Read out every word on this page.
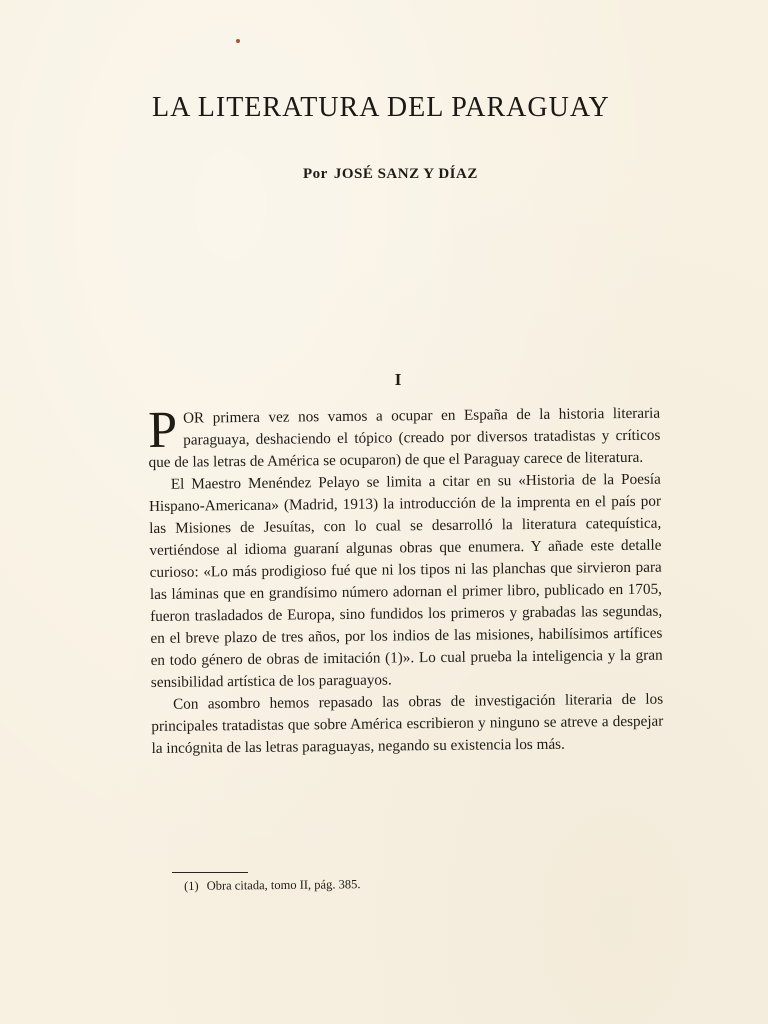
LA LITERATURA DEL PARAGUAY
Por JOSÉ SANZ Y DÍAZ
I

POR primera vez nos vamos a ocupar en España de la historia literaria paraguaya, deshaciendo el tópico (creado por diversos tratadistas y críticos que de las letras de América se ocuparon) de que el Paraguay carece de literatura.

El Maestro Menéndez Pelayo se limita a citar en su «Historia de la Poesía Hispano-Americana» (Madrid, 1913) la introducción de la imprenta en el país por las Misiones de Jesuítas, con lo cual se desarrolló la literatura catequística, vertiéndose al idioma guaraní algunas obras que enumera. Y añade este detalle curioso: «Lo más prodigioso fué que ni los tipos ni las planchas que sirvieron para las láminas que en grandísimo número adornan el primer libro, publicado en 1705, fueron trasladados de Europa, sino fundidos los primeros y grabadas las segundas, en el breve plazo de tres años, por los indios de las misiones, habilísimos artífices en todo género de obras de imitación (1)». Lo cual prueba la inteligencia y la gran sensibilidad artística de los paraguayos.

Con asombro hemos repasado las obras de investigación literaria de los principales tratadistas que sobre América escribieron y ninguno se atreve a despejar la incógnita de las letras paraguayas, negando su existencia los más.

(1) Obra citada, tomo II, pág. 385.
